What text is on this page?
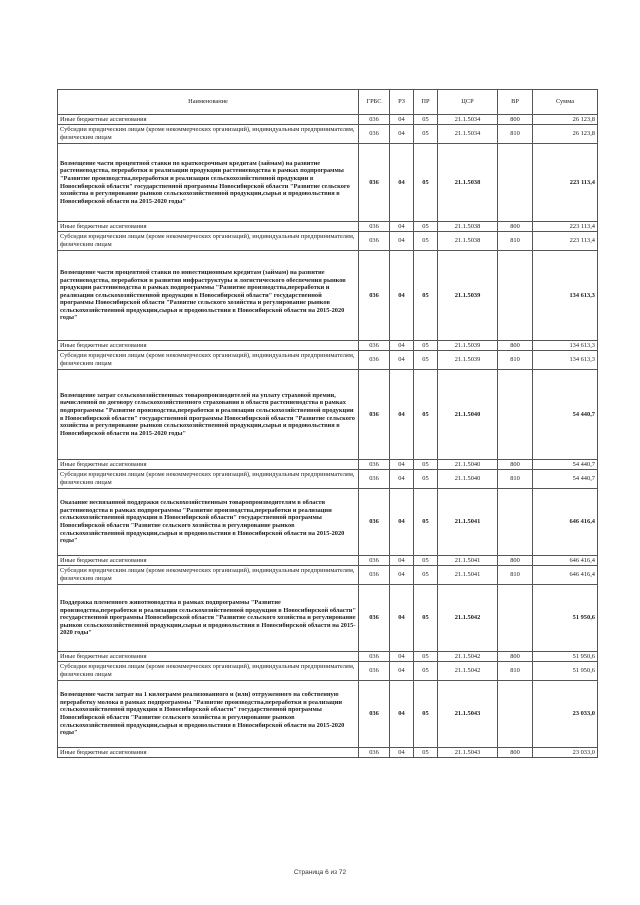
Наименование	ГРБС	РЗ	ПР	ЦСР	ВР	Сумма
Иные бюджетные ассигнования	036	04	05	21.1.5034	800	26 123,8
Субсидии юридическим лицам (кроме некоммерческих организаций), индивидуальным предпринимателям, физическим лицам	036	04	05	21.1.5034	810	26 123,8
Возмещение части процентной ставки по краткосрочным кредитам (займам) на развитие растениеводства, переработки и реализации продукции растениеводства в рамках подпрограммы "Развитие производства,переработки и реализации сельскохозяйственной продукции в Новосибирской области" государственной программы Новосибирской области "Развитие сельского хозяйства и регулирование рынков сельскохозяйственной продукции,сырья и продовольствия в Новосибирской области на 2015-2020 годы"	036	04	05	21.1.5038		223 113,4
Иные бюджетные ассигнования	036	04	05	21.1.5038	800	223 113,4
Субсидии юридическим лицам (кроме некоммерческих организаций), индивидуальным предпринимателям, физическим лицам	036	04	05	21.1.5038	810	223 113,4
Возмещение части процентной ставки по инвестиционным кредитам (займам) на развитие растениеводства, переработки и развития инфраструктуры и логистического обеспечения рынков продукции растениеводства в рамках подпрограммы "Развитие производства,переработки и реализации сельскохозяйственной продукции в Новосибирской области" государственной программы Новосибирской области "Развитие сельского хозяйства и регулирование рынков сельскохозяйственной продукции,сырья и продовольствия в Новосибирской области на 2015-2020 годы"	036	04	05	21.1.5039		134 613,3
Иные бюджетные ассигнования	036	04	05	21.1.5039	800	134 613,3
Субсидии юридическим лицам (кроме некоммерческих организаций), индивидуальным предпринимателям, физическим лицам	036	04	05	21.1.5039	810	134 613,3
Возмещение затрат сельскохозяйственных товаропроизводителей на уплату страховой премии, начисленной по договору сельскохозяйственного страхования в области растениеводства в рамках подпрограммы "Развитие производства,переработки и реализации сельскохозяйственной продукции в Новосибирской области" государственной программы Новосибирской области "Развитие сельского хозяйства и регулирование рынков сельскохозяйственной продукции,сырья и продовольствия в Новосибирской области на 2015-2020 годы"	036	04	05	21.1.5040		54 440,7
Иные бюджетные ассигнования	036	04	05	21.1.5040	800	54 440,7
Субсидии юридическим лицам (кроме некоммерческих организаций), индивидуальным предпринимателям, физическим лицам	036	04	05	21.1.5040	810	54 440,7
Оказание несвязанной поддержки сельскохозяйственным товаропроизводителям в области растениеводства в рамках подпрограммы "Развитие производства,переработки и реализации сельскохозяйственной продукции в Новосибирской области" государственной программы Новосибирской области "Развитие сельского хозяйства и регулирование рынков сельскохозяйственной продукции,сырья и продовольствия в Новосибирской области на 2015-2020 годы"	036	04	05	21.1.5041		646 416,4
Иные бюджетные ассигнования	036	04	05	21.1.5041	800	646 416,4
Субсидии юридическим лицам (кроме некоммерческих организаций), индивидуальным предпринимателям, физическим лицам	036	04	05	21.1.5041	810	646 416,4
Поддержка племенного животноводства в рамках подпрограммы "Развитие производства,переработки и реализации сельскохозяйственной продукции в Новосибирской области" государственной программы Новосибирской области "Развитие сельского хозяйства и регулирование рынков сельскохозяйственной продукции,сырья и продовольствия в Новосибирской области на 2015-2020 годы"	036	04	05	21.1.5042		51 950,6
Иные бюджетные ассигнования	036	04	05	21.1.5042	800	51 950,6
Субсидии юридическим лицам (кроме некоммерческих организаций), индивидуальным предпринимателям, физическим лицам	036	04	05	21.1.5042	810	51 950,6
Возмещение части затрат на 1 килограмм реализованного и (или) отгруженного на собственную переработку молока в рамках подпрограммы "Развитие производства,переработки и реализации сельскохозяйственной продукции в Новосибирской области" государственной программы Новосибирской области "Развитие сельского хозяйства и регулирование рынков сельскохозяйственной продукции,сырья и продовольствия в Новосибирской области на 2015-2020 годы"	036	04	05	21.1.5043		23 033,0
Иные бюджетные ассигнования	036	04	05	21.1.5043	800	23 033,0
Страница 6 из 72
